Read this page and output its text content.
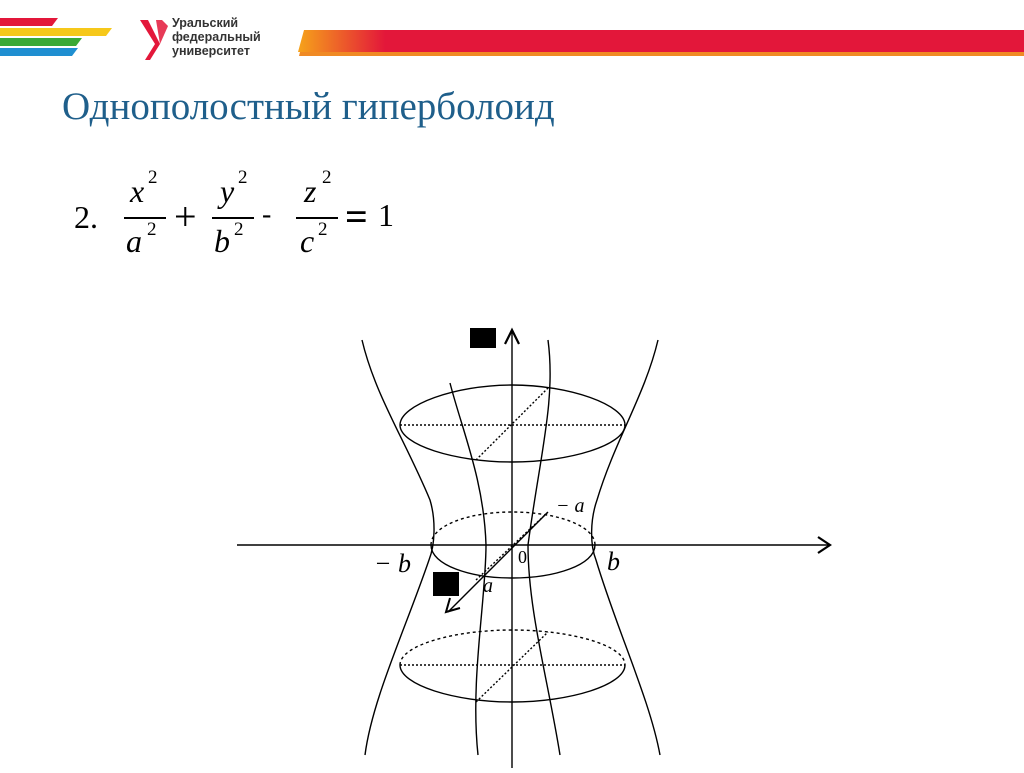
Уральский
федеральный
университет
Однополостный гиперболоид
2.
x 2
a 2 +
y 2
b 2 -
z 2
c 2 = 1
0
− b	b
a
− a
